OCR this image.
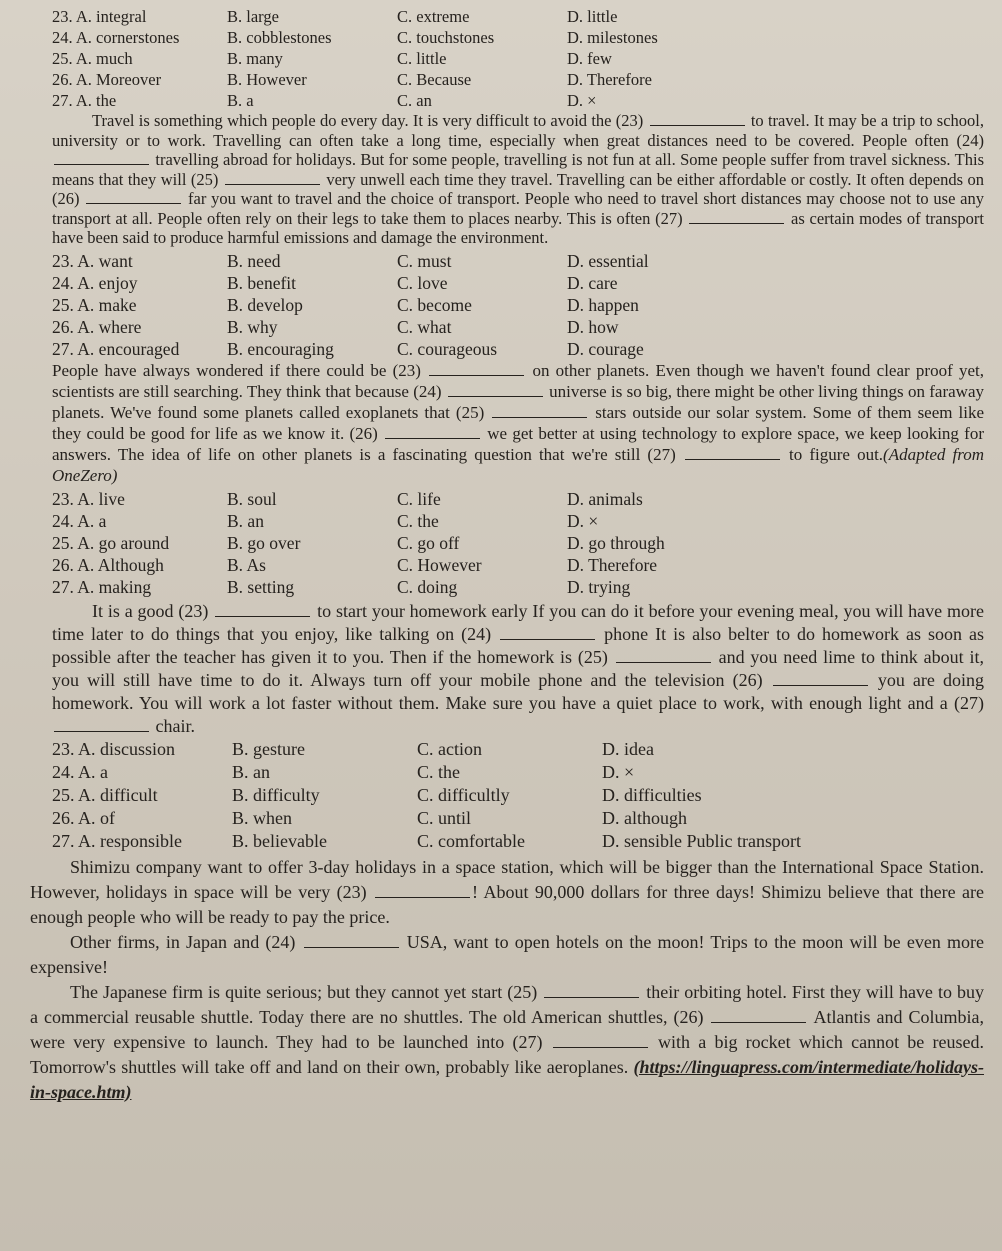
23. A. integral	B. large	C. extreme	D. little
24. A. cornerstones	B. cobblestones	C. touchstones	D. milestones
25. A. much	B. many	C. little	D. few
26. A. Moreover	B. However	C. Because	D. Therefore
27. A. the	B. a	C. an	D. ×

Travel is something which people do every day. It is very difficult to avoid the (23)	to travel. It may be a trip to school, university or to work. Travelling can often take a long time, especially when great distances need to be covered. People often (24)  travelling abroad for holidays. But for some people, travelling is not fun at all. Some people suffer from travel sickness. This means that they will (25)	very unwell each time they travel. Travelling can be either affordable or costly. It often depends on (26)	far you want to travel and the choice of transport. People who need to travel short distances may choose not to use any transport at all. People often rely on their legs to take them to places nearby. This is often (27)	as certain modes of transport have been said to produce harmful emissions and damage the environment.

23. A. want	B. need	C. must	D. essential
24. A. enjoy	B. benefit	C. love	D. care
25. A. make	B. develop	C. become	D. happen
26. A. where	B. why	C. what	D. how
27. A. encouraged	B. encouraging	C. courageous	D. courage

People have always wondered if there could be (23)	on other planets. Even though we haven't found clear proof yet, scientists are still searching. They think that because (24)	universe is so big, there might be other living things on faraway planets. We've found some planets called exoplanets that (25)	stars outside our solar system. Some of them seem like they could be good for life as we know it. (26)	we get better at using technology to explore space, we keep looking for answers. The idea of life on other planets is a fascinating question that we're still (27)	to figure out.(Adapted from OneZero)

23. A. live	B. soul	C. life	D. animals
24. A. a	B. an	C. the	D. ×
25. A. go around	B. go over	C. go off	D. go through
26. A. Although	B. As	C. However	D. Therefore
27. A. making	B. setting	C. doing	D. trying

It is a good (23)	to start your homework early If you can do it before your evening meal, you will have more time later to do things that you enjoy, like talking on (24)	phone It is also belter to do homework as soon as possible after the teacher has given it to you. Then if the homework is (25)	and you need lime to think about it, you will still have time to do it. Always turn off your mobile phone and the television (26)	you are doing homework. You will work a lot faster without them. Make sure you have a quiet place to work, with enough light and a (27)  chair.

23. A. discussion	B. gesture	C. action	D. idea
24. A. a	B. an	C. the	D. ×
25. A. difficult	B. difficulty	C. difficultly	D. difficulties
26. A. of	B. when	C. until	D. although
27. A. responsible	B. believable	C. comfortable	D. sensible Public transport

Shimizu company want to offer 3-day holidays in a space station, which will be bigger than the International Space Station. However, holidays in space will be very (23)	! About 90,000 dollars for three days! Shimizu believe that there are enough people who will be ready to pay the price.

Other firms, in Japan and (24)	USA, want to open hotels on the moon! Trips to the moon will be even more expensive!

The Japanese firm is quite serious; but they cannot yet start (25)	their orbiting hotel. First they will have to buy a commercial reusable shuttle. Today there are no shuttles. The old American shuttles, (26)	Atlantis and Columbia, were very expensive to launch. They had to be launched into (27)	with a big rocket which cannot be reused. Tomorrow's shuttles will take off and land on their own, probably like aeroplanes. (https://linguapress.com/intermediate/holidays-in-space.htm)
